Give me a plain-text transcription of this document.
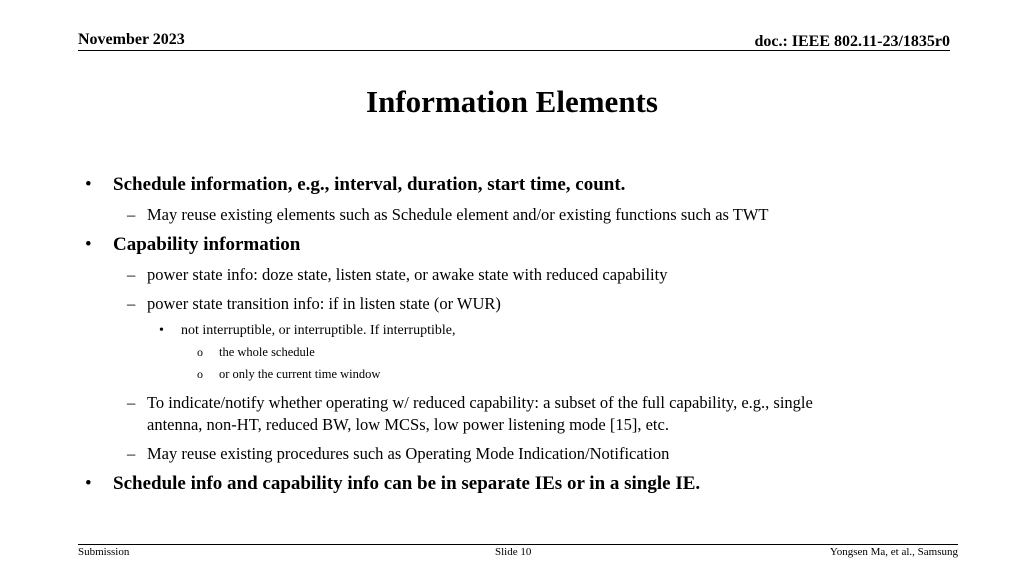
November 2023	doc.: IEEE 802.11-23/1835r0
Information Elements
• Schedule information, e.g., interval, duration, start time, count.
– May reuse existing elements such as Schedule element and/or existing functions such as TWT
• Capability information
– power state info: doze state, listen state, or awake state with reduced capability
– power state transition info: if in listen state (or WUR)
• not interruptible, or interruptible. If interruptible,
o the whole schedule
o or only the current time window
– To indicate/notify whether operating w/ reduced capability: a subset of the full capability, e.g., single
antenna, non-HT, reduced BW, low MCSs, low power listening mode [15], etc.
– May reuse existing procedures such as Operating Mode Indication/Notification
• Schedule info and capability info can be in separate IEs or in a single IE.
Submission	Slide 10	Yongsen Ma, et al., Samsung
